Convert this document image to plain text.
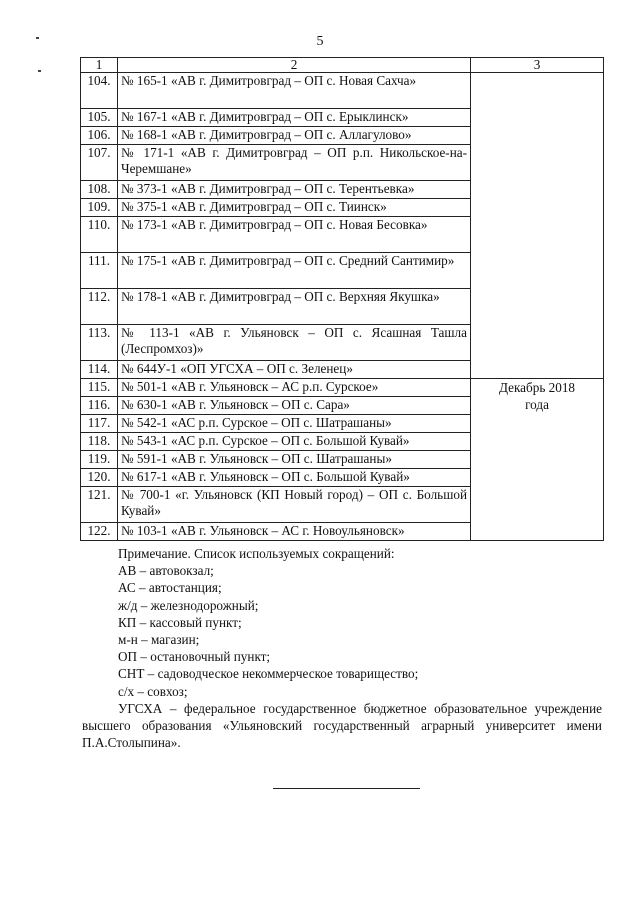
5
1	2	3
104.	№ 165-1 «АВ г. Димитровград – ОП с. Новая Сахча»	
105.	№ 167-1 «АВ г. Димитровград – ОП с. Ерыклинск»	
106.	№ 168-1 «АВ г. Димитровград – ОП с. Аллагулово»	
107.	№ 171-1 «АВ г. Димитровград – ОП р.п. Никольское-на-Черемшане»	
108.	№ 373-1 «АВ г. Димитровград – ОП с. Терентьевка»	
109.	№ 375-1 «АВ г. Димитровград – ОП с. Тиинск»	
110.	№ 173-1 «АВ г. Димитровград – ОП с. Новая Бесовка»	
111.	№ 175-1 «АВ г. Димитровград – ОП с. Средний Сантимир»	
112.	№ 178-1 «АВ г. Димитровград – ОП с. Верхняя Якушка»	
113.	№ 113-1 «АВ г. Ульяновск – ОП с. Ясашная Ташла (Леспромхоз)»	
114.	№ 644У-1 «ОП УГСХА – ОП с. Зеленец»	
115.	№ 501-1 «АВ г. Ульяновск – АС р.п. Сурское»	Декабрь 2018 года
116.	№ 630-1 «АВ г. Ульяновск – ОП с. Сара»	
117.	№ 542-1 «АС р.п. Сурское – ОП с. Шатрашаны»	
118.	№ 543-1 «АС р.п. Сурское – ОП с. Большой Кувай»	
119.	№ 591-1 «АВ г. Ульяновск – ОП с. Шатрашаны»	
120.	№ 617-1 «АВ г. Ульяновск – ОП с. Большой Кувай»	
121.	№ 700-1 «г. Ульяновск (КП Новый город) – ОП с. Большой Кувай»	
122.	№ 103-1 «АВ г. Ульяновск – АС г. Новоульяновск»	

Примечание. Список используемых сокращений:

АВ – автовокзал;

АС – автостанция;

ж/д – железнодорожный;

КП – кассовый пункт;

м-н – магазин;

ОП – остановочный пункт;

СНТ – садоводческое некоммерческое товарищество;

с/х – совхоз;

УГСХА – федеральное государственное бюджетное образовательное учреждение высшего образования «Ульяновский государственный аграрный университет имени П.А.Столыпина».
